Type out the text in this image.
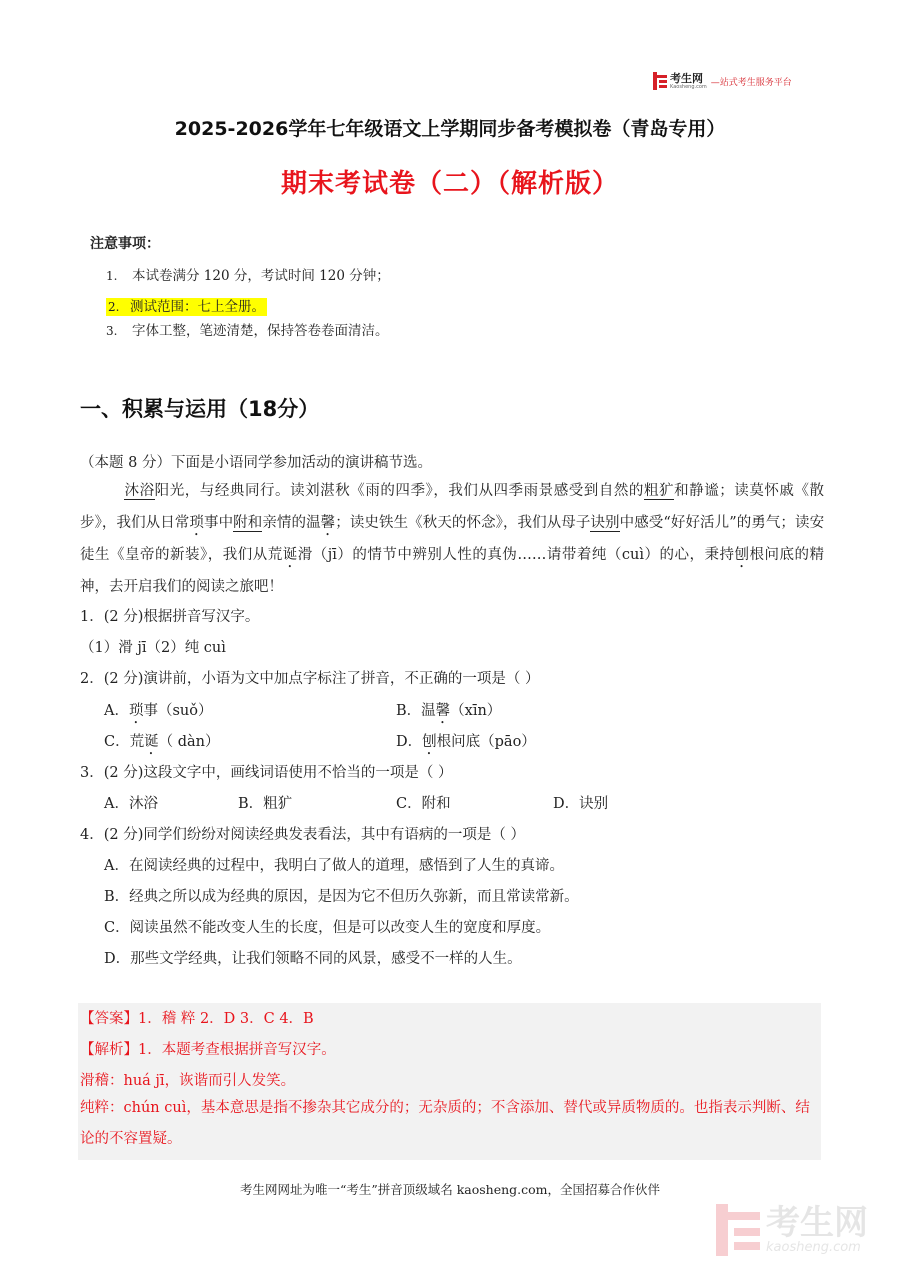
考生网
Kaosheng.com —站式考生服务平台
2025-2026学年七年级语文上学期同步备考模拟卷（青岛专用）
期末考试卷（二）（解析版）
注意事项：
1. 本试卷满分 120 分，考试时间 120 分钟；
2. 测试范围：七上全册。
3. 字体工整，笔迹清楚，保持答卷卷面清洁。
一、积累与运用（18分）
（本题 8 分）下面是小语同学参加活动的演讲稿节选。
沐浴阳光，与经典同行。读刘湛秋《雨的四季》，我们从四季雨景感受到自然的粗犷和静谧；读莫怀戚《散步》，我们从日常琐事中附和亲情的温馨；读史铁生《秋天的怀念》，我们从母子诀别中感受“好好活儿”的勇气；读安徒生《皇帝的新装》，我们从荒诞滑（jī）的情节中辨别人性的真伪……请带着纯（cuì）的心，秉持刨根问底的精神，去开启我们的阅读之旅吧！
1．(2 分)根据拼音写汉字。
（1）滑 jī（2）纯 cuì
2．(2 分)演讲前，小语为文中加点字标注了拼音，不正确的一项是（ ）
A．琐事（suǒ）	B．温馨（xīn）
C．荒诞（ dàn）	D．刨根问底（pāo）
3．(2 分)这段文字中，画线词语使用不恰当的一项是（ ）
A．沐浴	B．粗犷	C．附和	D．诀别
4．(2 分)同学们纷纷对阅读经典发表看法，其中有语病的一项是（ ）
A．在阅读经典的过程中，我明白了做人的道理，感悟到了人生的真谛。
B．经典之所以成为经典的原因，是因为它不但历久弥新，而且常读常新。
C．阅读虽然不能改变人生的长度，但是可以改变人生的宽度和厚度。
D．那些文学经典，让我们领略不同的风景，感受不一样的人生。
【答案】1．稽 粹 2．D 3．C 4．B
【解析】1．本题考查根据拼音写汉字。
滑稽：huá jī，诙谐而引人发笑。
纯粹：chún cuì，基本意思是指不掺杂其它成分的；无杂质的；不含添加、替代或异质物质的。也指表示判断、结论的不容置疑。
考生网网址为唯一“考生”拼音顶级域名 kaosheng.com，全国招募合作伙伴
考生网
kaosheng.com
